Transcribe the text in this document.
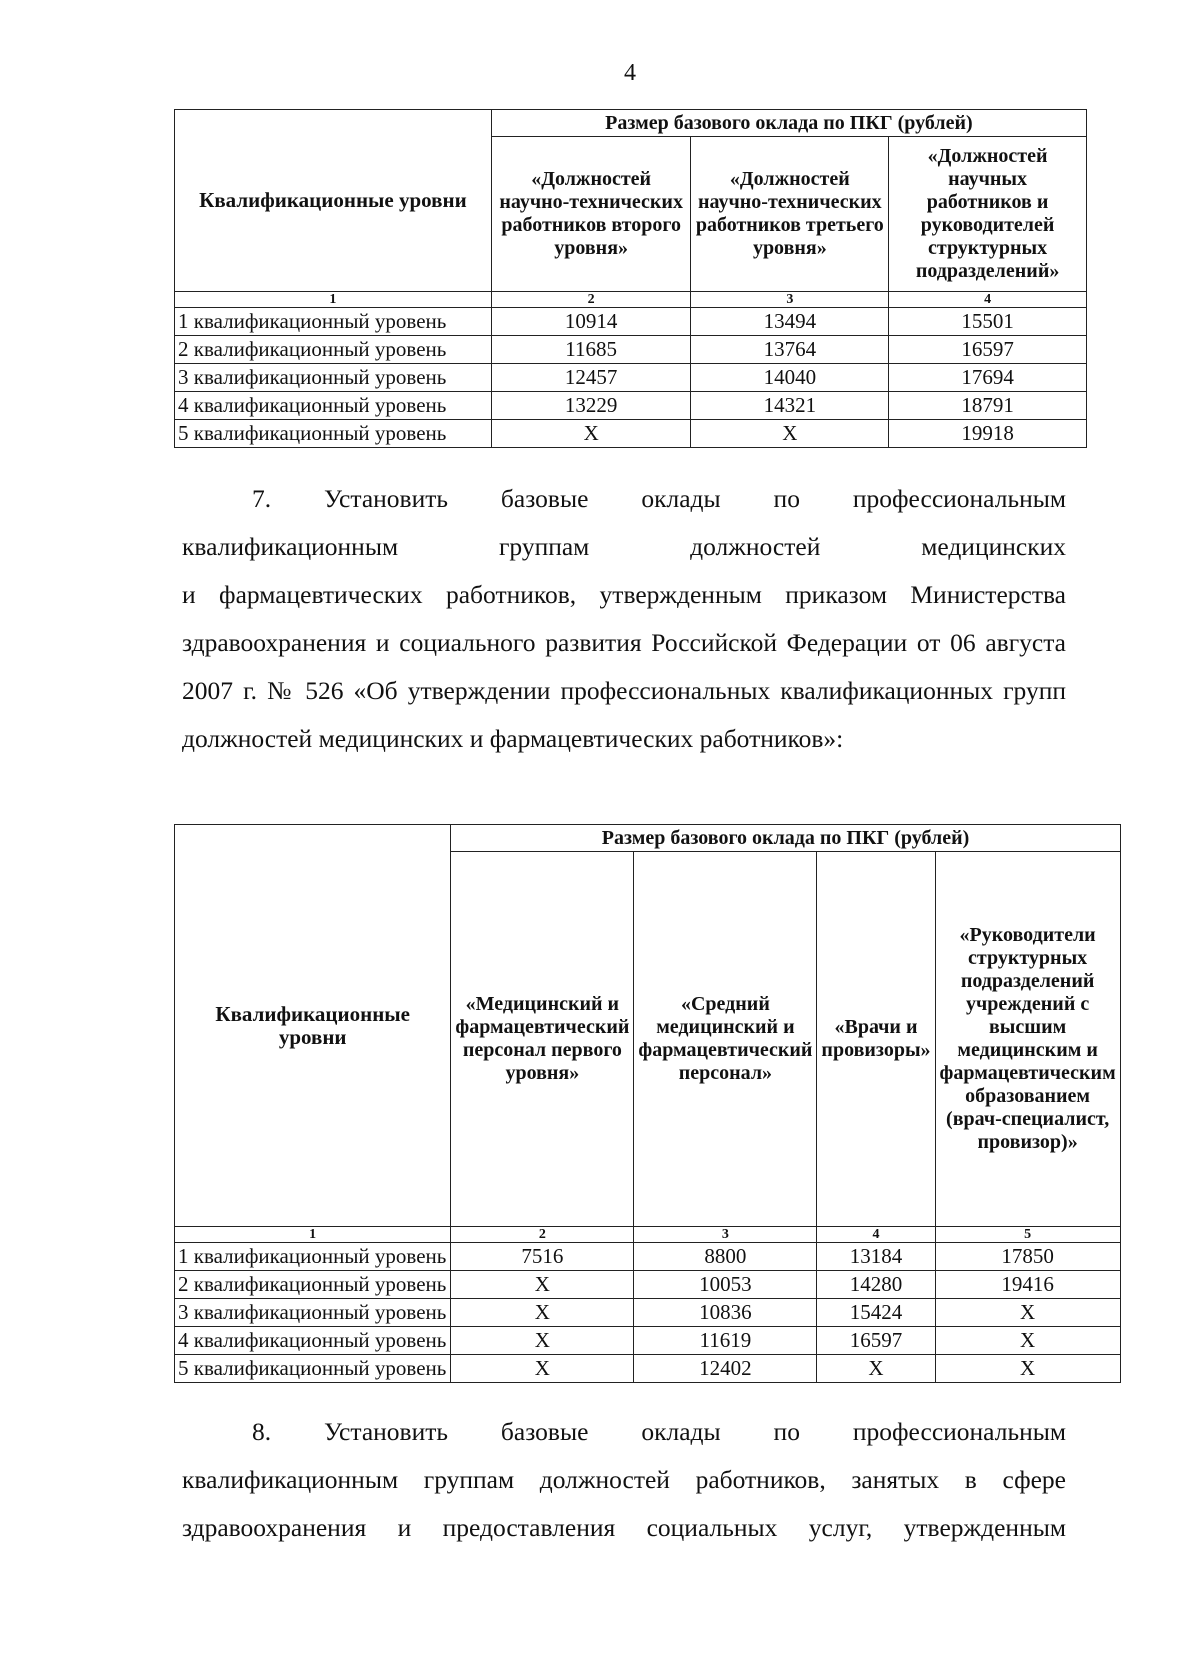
4
Квалификационные уровни	Размер базового оклада по ПКГ (рублей)		
	«Должностей научно-технических работников второго уровня»	«Должностей научно-технических работников третьего уровня»	«Должностей научных работников и руководителей структурных подразделений»
1	2	3	4
1 квалификационный уровень	10914	13494	15501
2 квалификационный уровень	11685	13764	16597
3 квалификационный уровень	12457	14040	17694
4 квалификационный уровень	13229	14321	18791
5 квалификационный уровень	X	X	19918

7. Установить базовые оклады по профессиональным

квалификационным группам должностей медицинских

и фармацевтических работников, утвержденным приказом Министерства здравоохранения и социального развития Российской Федерации от 06 августа 2007 г. № 526 «Об утверждении профессиональных квалификационных групп должностей медицинских и фармацевтических работников»:

Квалификационные уровни	Размер базового оклада по ПКГ (рублей)			
	«Медицинский и фармацевтический персонал первого уровня»	«Средний медицинский и фармацевтический персонал»	«Врачи и провизоры»	«Руководители структурных подразделений учреждений с высшим медицинским и фармацевтическим образованием (врач-специалист, провизор)»
1	2	3	4	5
1 квалификационный уровень	7516	8800	13184	17850
2 квалификационный уровень	X	10053	14280	19416
3 квалификационный уровень	X	10836	15424	X
4 квалификационный уровень	X	11619	16597	X
5 квалификационный уровень	X	12402	X	X

8. Установить базовые оклады по профессиональным

квалификационным группам должностей работников, занятых в сфере

здравоохранения и предоставления социальных услуг, утвержденным
